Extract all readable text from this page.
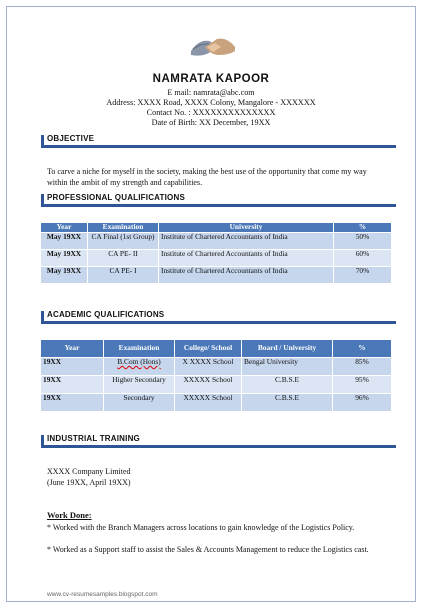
NAMRATA KAPOOR
E mail: namrata@abc.com
Address: XXXX Road, XXXX Colony, Mangalore - XXXXXX
Contact No. : XXXXXXXXXXXXXX
Date of Birth: XX December, 19XX
OBJECTIVE
To carve a niche for myself in the society, making the best use of the opportunity that come my way within the ambit of my strength and capabilities.
PROFESSIONAL QUALIFICATIONS
Year	Examination	University	%
May 19XX	CA Final (1st Group)	Institute of Chartered Accountants of India	50%
May 19XX	CA PE- II	Institute of Chartered Accountants of India	60%
May 19XX	CA PE- I	Institute of Chartered Accountants of India	70%
ACADEMIC QUALIFICATIONS
Year	Examination	College/ School	Board / University	%
19XX	B.Com (Hons)	X XXXX School	Bengal University	85%
19XX	Higher Secondary	XXXXX School	C.B.S.E	95%
19XX	Secondary	XXXXX School	C.B.S.E	96%
INDUSTRIAL TRAINING
XXXX Company Limited
(June 19XX, April 19XX)
Work Done:
* Worked with the Branch Managers across locations to gain knowledge of the Logistics Policy.
* Worked as a Support staff to assist the Sales & Accounts Management to reduce the Logistics cast.
www.cv-resumesamples.blogspot.com
